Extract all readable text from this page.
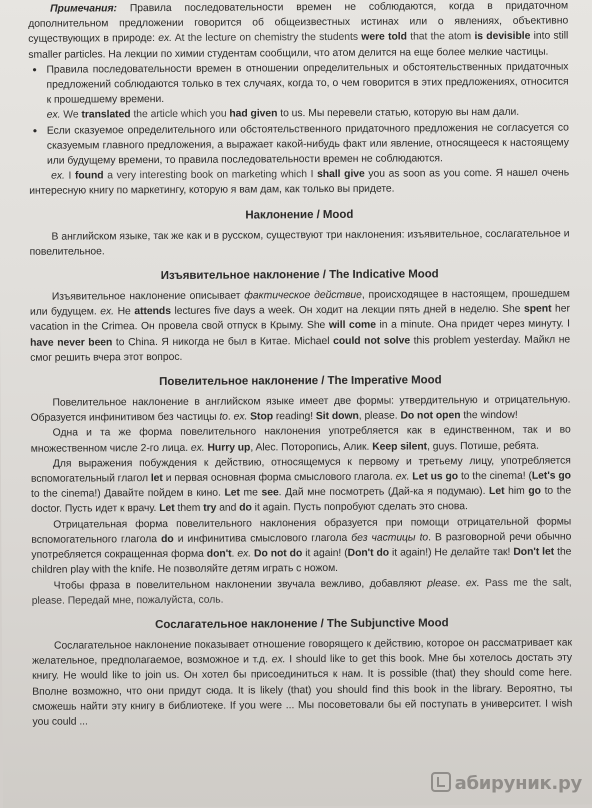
Примечания: Правила последовательности времен не соблюдаются, когда в придаточном дополнительном предложении говорится об общеизвестных истинах или о явлениях, объективно существующих в природе: ex. At the lecture on chemistry the students were told that the atom is devisible into still smaller particles. На лекции по химии студентам сообщили, что атом делится на еще более мелкие частицы.

• Правила последовательности времен в отношении определительных и обстоятельственных придаточных предложений соблюдаются только в тех случаях, когда то, о чем говорится в этих предложениях, относится к прошедшему времени.

ex. We translated the article which you had given to us. Мы перевели статью, которую вы нам дали.

• Если сказуемое определительного или обстоятельственного придаточного предложения не согласуется со сказуемым главного предложения, а выражает какой-нибудь факт или явление, относящееся к настоящему или будущему времени, то правила последовательности времен не соблюдаются.

ex. I found a very interesting book on marketing which I shall give you as soon as you come. Я нашел очень интересную книгу по маркетингу, которую я вам дам, как только вы придете.

Наклонение / Mood

В английском языке, так же как и в русском, существуют три наклонения: изъявительное, сослагательное и повелительное.

Изъявительное наклонение / The Indicative Mood

Изъявительное наклонение описывает фактическое действие, происходящее в настоящем, прошедшем или будущем. ex. He attends lectures five days a week. Он ходит на лекции пять дней в неделю. She spent her vacation in the Crimea. Он провела свой отпуск в Крыму. She will come in a minute. Она придет через минуту. I have never been to China. Я никогда не был в Китае. Michael could not solve this problem yesterday. Майкл не смог решить вчера этот вопрос.

Повелительное наклонение / The Imperative Mood

Повелительное наклонение в английском языке имеет две формы: утвердительную и отрицательную. Образуется инфинитивом без частицы to. ex. Stop reading! Sit down, please. Do not open the window!

Одна и та же форма повелительного наклонения употребляется как в единственном, так и во множественном числе 2-го лица. ex. Hurry up, Alec. Поторопись, Алик. Keep silent, guys. Потише, ребята.

Для выражения побуждения к действию, относящемуся к первому и третьему лицу, употребляется вспомогательный глагол let и первая основная форма смыслового глагола. ex. Let us go to the cinema! (Let's go to the cinema!) Давайте пойдем в кино. Let me see. Дай мне посмотреть (Дай-ка я подумаю). Let him go to the doctor. Пусть идет к врачу. Let them try and do it again. Пусть попробуют сделать это снова.

Отрицательная форма повелительного наклонения образуется при помощи отрицательной формы вспомогательного глагола do и инфинитива смыслового глагола без частицы to. В разговорной речи обычно употребляется сокращенная форма don't. ex. Do not do it again! (Don't do it again!) Не делайте так! Don't let the children play with the knife. Не позволяйте детям играть с ножом.

Чтобы фраза в повелительном наклонении звучала вежливо, добавляют please. ex. Pass me the salt, please. Передай мне, пожалуйста, соль.

Сослагательное наклонение / The Subjunctive Mood

Сослагательное наклонение показывает отношение говорящего к действию, которое он рассматривает как желательное, предполагаемое, возможное и т.д. ex. I should like to get this book. Мне бы хотелось достать эту книгу. He would like to join us. Он хотел бы присоединиться к нам. It is possible (that) they should come here. Вполне возможно, что они придут сюда. It is likely (that) you should find this book in the library. Вероятно, ты сможешь найти эту книгу в библиотеке. If you were ... Мы посоветовали бы ей поступать в университет. I wish you could ...

абируник.ру
